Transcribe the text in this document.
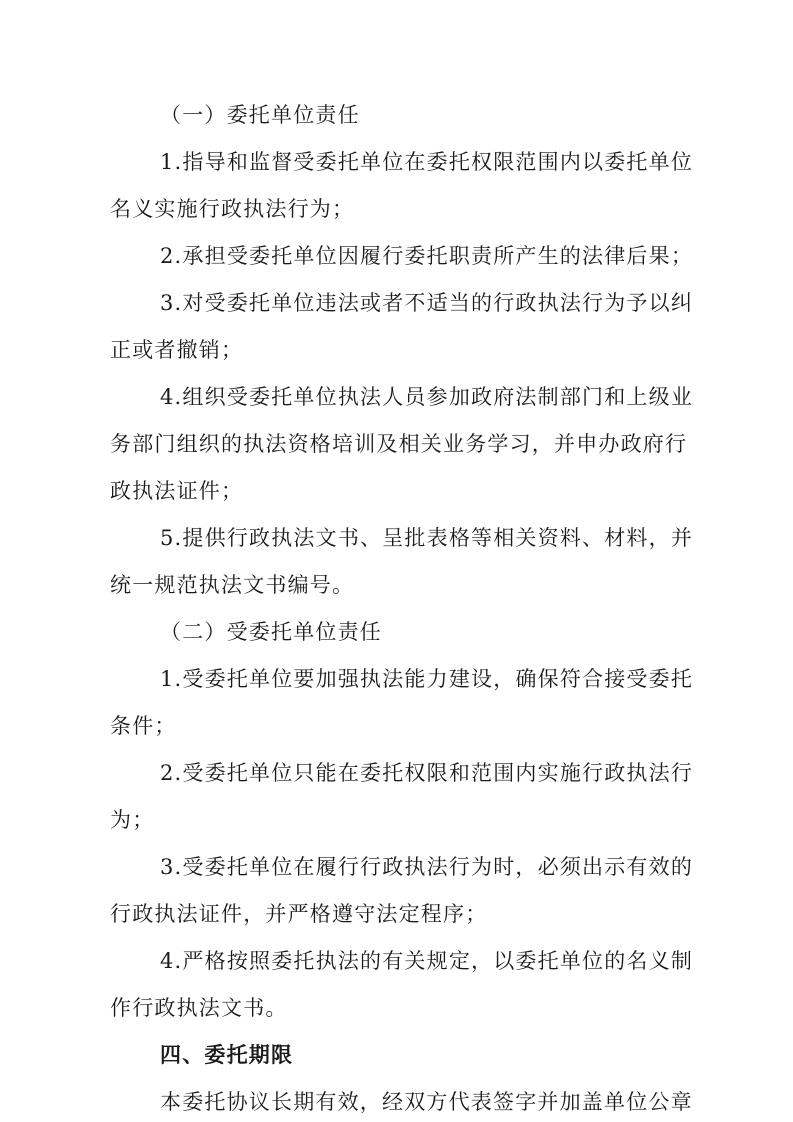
（一）委托单位责任
1.指导和监督受委托单位在委托权限范围内以委托单位
名义实施行政执法行为；
2.承担受委托单位因履行委托职责所产生的法律后果；
3.对受委托单位违法或者不适当的行政执法行为予以纠
正或者撤销；
4.组织受委托单位执法人员参加政府法制部门和上级业
务部门组织的执法资格培训及相关业务学习，并申办政府行
政执法证件；
5.提供行政执法文书、呈批表格等相关资料、材料，并
统一规范执法文书编号。
（二）受委托单位责任
1.受委托单位要加强执法能力建设，确保符合接受委托
条件；
2.受委托单位只能在委托权限和范围内实施行政执法行
为；
3.受委托单位在履行行政执法行为时，必须出示有效的
行政执法证件，并严格遵守法定程序；
4.严格按照委托执法的有关规定，以委托单位的名义制
作行政执法文书。
四、委托期限
本委托协议长期有效，经双方代表签字并加盖单位公章
